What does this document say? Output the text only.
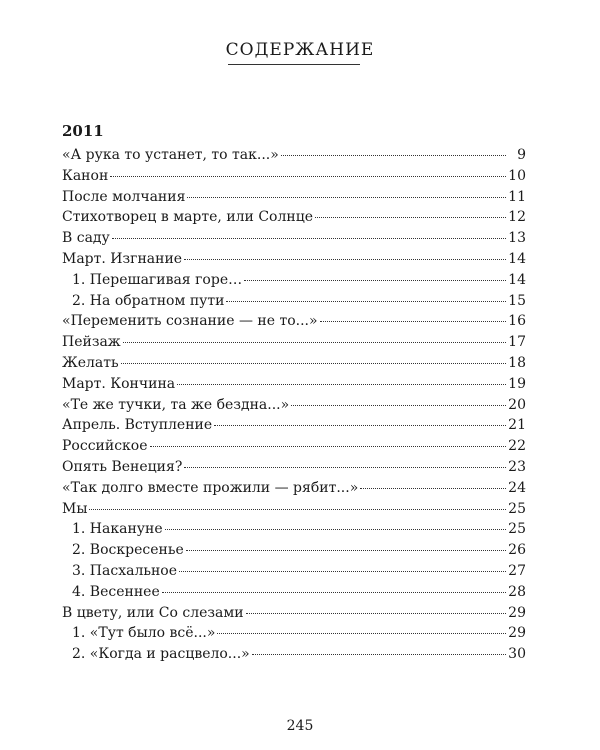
СОДЕРЖАНИЕ
2011
«А рука то устанет, то так...»	9
Канон	10
После молчания	11
Стихотворец в марте, или Солнце	12
В саду	13
Март. Изгнание	14
1. Перешагивая горе…	14
2. На обратном пути	15
«Переменить сознание — не то...»	16
Пейзаж	17
Желать	18
Март. Кончина	19
«Те же тучки, та же бездна...»	20
Апрель. Вступление	21
Российское	22
Опять Венеция?	23
«Так долго вместе прожили — рябит...»	24
Мы	25
1. Накануне	25
2. Воскресенье	26
3. Пасхальное	27
4. Весеннее	28
В цвету, или Со слезами	29
1. «Тут было всё...»	29
2. «Когда и расцвело...»	30
245
